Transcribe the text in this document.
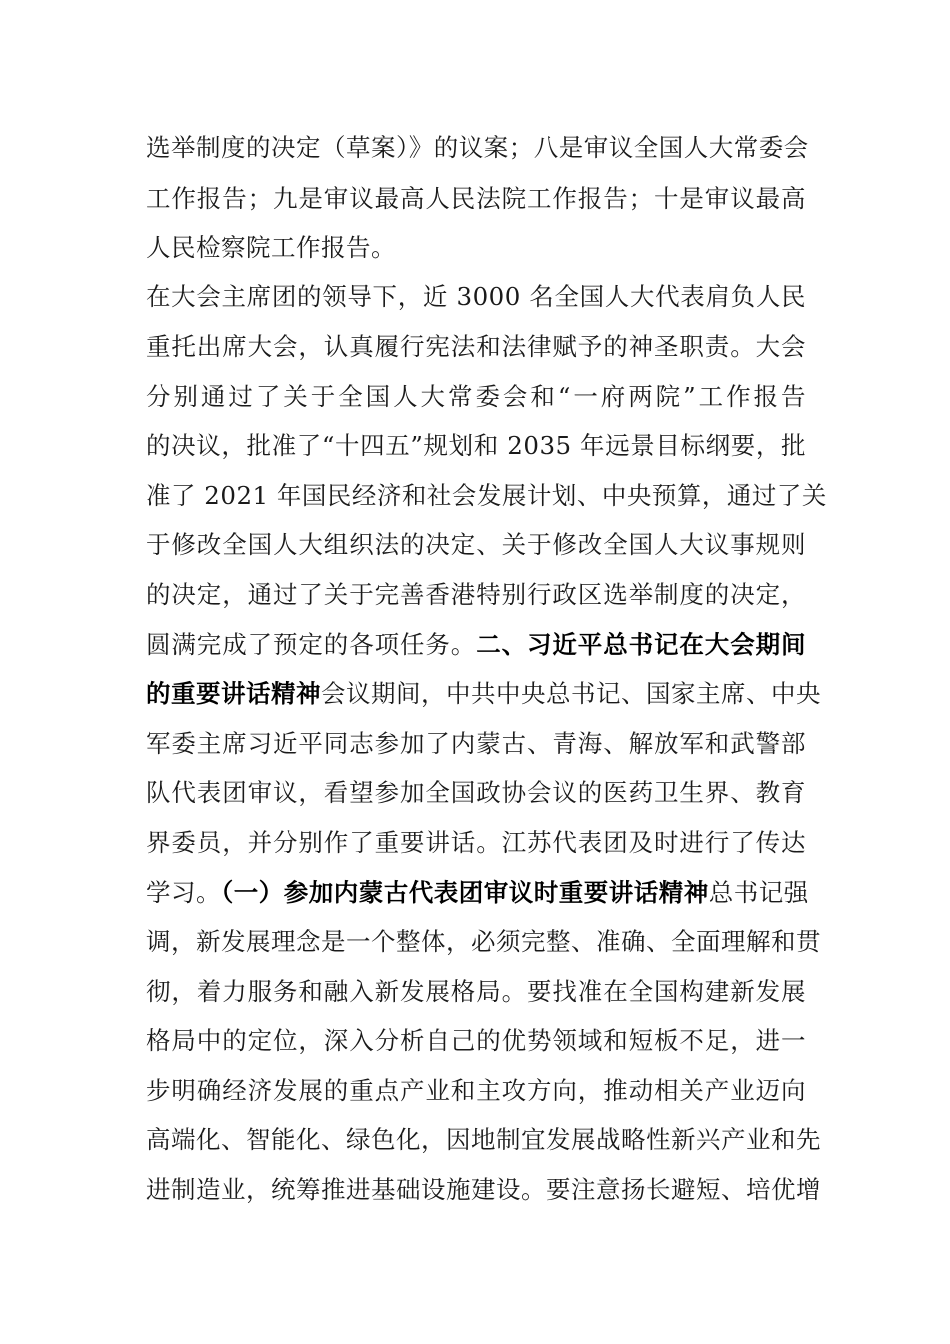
选举制度的决定（草案）》的议案；八是审议全国人大常委会
工作报告；九是审议最高人民法院工作报告；十是审议最高
人民检察院工作报告。
在大会主席团的领导下，近 3000 名全国人大代表肩负人民
重托出席大会，认真履行宪法和法律赋予的神圣职责。大会
分别通过了关于全国人大常委会和“一府两院”工作报告
的决议，批准了“十四五”规划和 2035 年远景目标纲要，批
准了 2021 年国民经济和社会发展计划、中央预算，通过了关
于修改全国人大组织法的决定、关于修改全国人大议事规则
的决定，通过了关于完善香港特别行政区选举制度的决定，
圆满完成了预定的各项任务。二、习近平总书记在大会期间
的重要讲话精神会议期间，中共中央总书记、国家主席、中央
军委主席习近平同志参加了内蒙古、青海、解放军和武警部
队代表团审议，看望参加全国政协会议的医药卫生界、教育
界委员，并分别作了重要讲话。江苏代表团及时进行了传达
学习。（一）参加内蒙古代表团审议时重要讲话精神总书记强
调，新发展理念是一个整体，必须完整、准确、全面理解和贯
彻，着力服务和融入新发展格局。要找准在全国构建新发展
格局中的定位，深入分析自己的优势领域和短板不足，进一
步明确经济发展的重点产业和主攻方向，推动相关产业迈向
高端化、智能化、绿色化，因地制宜发展战略性新兴产业和先
进制造业，统筹推进基础设施建设。要注意扬长避短、培优增
